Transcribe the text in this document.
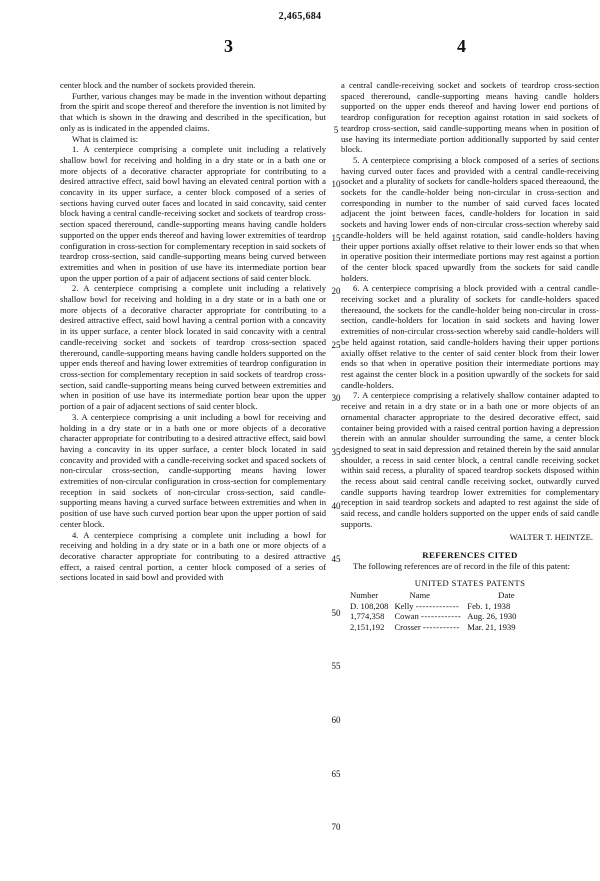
2,465,684
3	4

center block and the number of sockets provided therein.

Further, various changes may be made in the invention without departing from the spirit and scope thereof and therefore the invention is not limited by that which is shown in the drawing and described in the specification, but only as is indicated in the appended claims.

What is claimed is:

1. A centerpiece comprising a complete unit including a relatively shallow bowl for receiving and holding in a dry state or in a bath one or more objects of a decorative character appropriate for contributing to a desired attractive effect, said bowl having an elevated central portion with a concavity in its upper surface, a center block composed of a series of sections having curved outer faces and located in said concavity, said center block having a central candle-receiving socket and sockets of teardrop cross-section spaced thereround, candle-supporting means having candle holders supported on the upper ends thereof and having lower extremities of teardrop configuration in cross-section for complementary reception in said sockets of teardrop cross-section, said candle-supporting means being curved between extremities and when in position of use have its intermediate portion bear upon the upper portion of a pair of adjacent sections of said center block.

2. A centerpiece comprising a complete unit including a relatively shallow bowl for receiving and holding in a dry state or in a bath one or more objects of a decorative character appropriate for contributing to a desired attractive effect, said bowl having a central portion with a concavity in its upper surface, a center block located in said concavity with a central candle-receiving socket and sockets of teardrop cross-section spaced thereround, candle-supporting means having candle holders supported on the upper ends thereof and having lower extremities of teardrop configuration in cross-section for complementary reception in said sockets of teardrop cross-section, said candle-supporting means being curved between extremities and when in position of use have its intermediate portion bear upon the upper portion of a pair of adjacent sections of said center block.

3. A centerpiece comprising a unit including a bowl for receiving and holding in a dry state or in a bath one or more objects of a decorative character appropriate for contributing to a desired attractive effect, said bowl having a concavity in its upper surface, a center block located in said concavity and provided with a candle-receiving socket and spaced sockets of non-circular cross-section, candle-supporting means having lower extremities of non-circular configuration in cross-section for complementary reception in said sockets of non-circular cross-section, said candle-supporting means having a curved surface between extremities and when in position of use have such curved portion bear upon the upper portion of said center block.

4. A centerpiece comprising a complete unit including a bowl for receiving and holding in a dry state or in a bath one or more objects of a decorative character appropriate for contributing to a desired attractive effect, a raised central portion, a center block composed of a series of sections located in said bowl and provided with

a central candle-receiving socket and sockets of teardrop cross-section spaced thereround, candle-supporting means having candle holders supported on the upper ends thereof and having lower end portions of teardrop configuration for reception against rotation in said sockets of teardrop cross-section, said candle-supporting means when in position of use having its intermediate portion additionally supported by said center block.

5. A centerpiece comprising a block composed of a series of sections having curved outer faces and provided with a central candle-receiving socket and a plurality of sockets for candle-holders spaced thereaound, the sockets for the candle-holder being non-circular in cross-section and corresponding in number to the number of said curved faces located adjacent the joint between faces, candle-holders for location in said sockets and having lower ends of non-circular cross-section whereby said candle-holders will be held against rotation, said candle-holders having their upper portions axially offset relative to their lower ends so that when in operative position their intermediate portions may rest against a portion of the center block spaced upwardly from the sockets for said candle holders.

6. A centerpiece comprising a block provided with a central candle-receiving socket and a plurality of sockets for candle-holders spaced thereaound, the sockets for the candle-holder being non-circular in cross-section, candle-holders for location in said sockets and having lower extremities of non-circular cross-section whereby said candle-holders will be held against rotation, said candle-holders having their upper portions axially offset relative to the center of said center block from their lower ends so that when in operative position their intermediate portions may rest against the center block in a position upwardly of the sockets for said candle-holders.

7. A centerpiece comprising a relatively shallow container adapted to receive and retain in a dry state or in a bath one or more objects of an ornamental character appropriate to the desired decorative effect, said container being provided with a raised central portion having a depression therein with an annular shoulder surrounding the same, a center block designed to seat in said depression and retained therein by the said annular shoulder, a recess in said center block, a central candle receiving socket within said recess, a plurality of spaced teardrop sockets disposed within the recess about said central candle receiving socket, outwardly curved candle supports having teardrop lower extremities for complementary reception in said teardrop sockets and adapted to rest against the side of said recess, and candle holders supported on the upper ends of said candle supports.

WALTER T. HEINTZE.

REFERENCES CITED

The following references are of record in the file of this patent:

UNITED STATES PATENTS

Number	Name	Date
D. 108,208	Kelly -------------	Feb. 1, 1938
1,774,358	Cowan ------------	Aug. 26, 1930
2,151,192	Crosser -----------	Mar. 21, 1939
5
10
15
20
25
30
35
40
45
50
55
60
65
70
